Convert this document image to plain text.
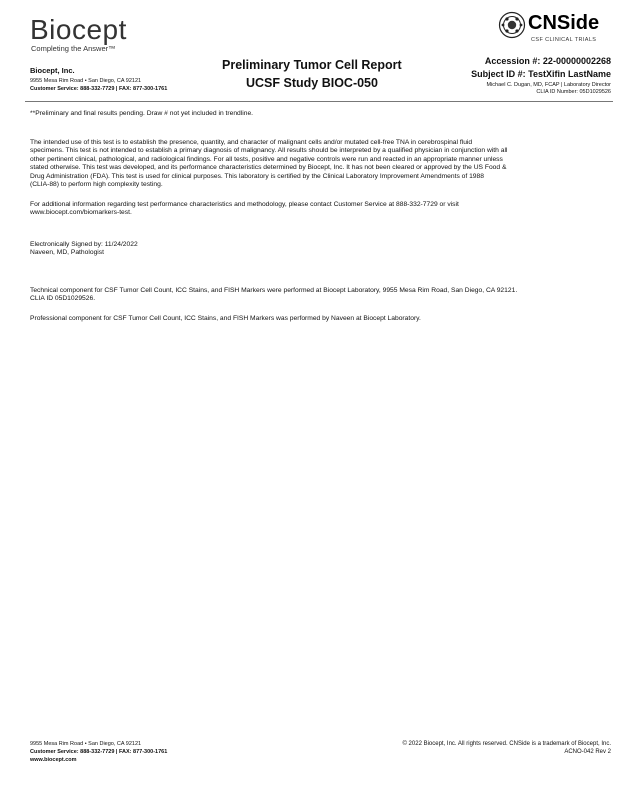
Biocept
Completing the Answer™
Biocept, Inc.
9955 Mesa Rim Road • San Diego, CA 92121
Customer Service: 888-332-7729 | FAX: 877-300-1761
Preliminary Tumor Cell Report
UCSF Study BIOC-050
CNSide
CSF CLINICAL TRIALS
Accession #: 22-00000002268
Subject ID #: TestXifin LastName
Michael C. Dugan, MD, FCAP | Laboratory Director
CLIA ID Number: 05D1029526
**Preliminary and final results pending. Draw # not yet included in trendline.
The intended use of this test is to establish the presence, quantity, and character of malignant cells and/or mutated cell-free TNA in cerebrospinal fluid
specimens. This test is not intended to establish a primary diagnosis of malignancy. All results should be interpreted by a qualified physician in conjunction with all
other pertinent clinical, pathological, and radiological findings. For all tests, positive and negative controls were run and reacted in an appropriate manner unless
stated otherwise. This test was developed, and its performance characteristics determined by Biocept, Inc. It has not been cleared or approved by the US Food &
Drug Administration (FDA). This test is used for clinical purposes. This laboratory is certified by the Clinical Laboratory Improvement Amendments of 1988
(CLIA-88) to perform high complexity testing.
For additional information regarding test performance characteristics and methodology, please contact Customer Service at 888-332-7729 or visit
www.biocept.com/biomarkers-test.
Electronically Signed by: 11/24/2022
Naveen, MD, Pathologist
Technical component for CSF Tumor Cell Count, ICC Stains, and FISH Markers were performed at Biocept Laboratory, 9955 Mesa Rim Road, San Diego, CA 92121.
CLIA ID 05D1029526.
Professional component for CSF Tumor Cell Count, ICC Stains, and FISH Markers was performed by Naveen at Biocept Laboratory.
9955 Mesa Rim Road • San Diego, CA 92121
Customer Service: 888-332-7729 | FAX: 877-300-1761
www.biocept.com
© 2022 Biocept, Inc. All rights reserved. CNSide is a trademark of Biocept, Inc.
ACNO-042 Rev 2
